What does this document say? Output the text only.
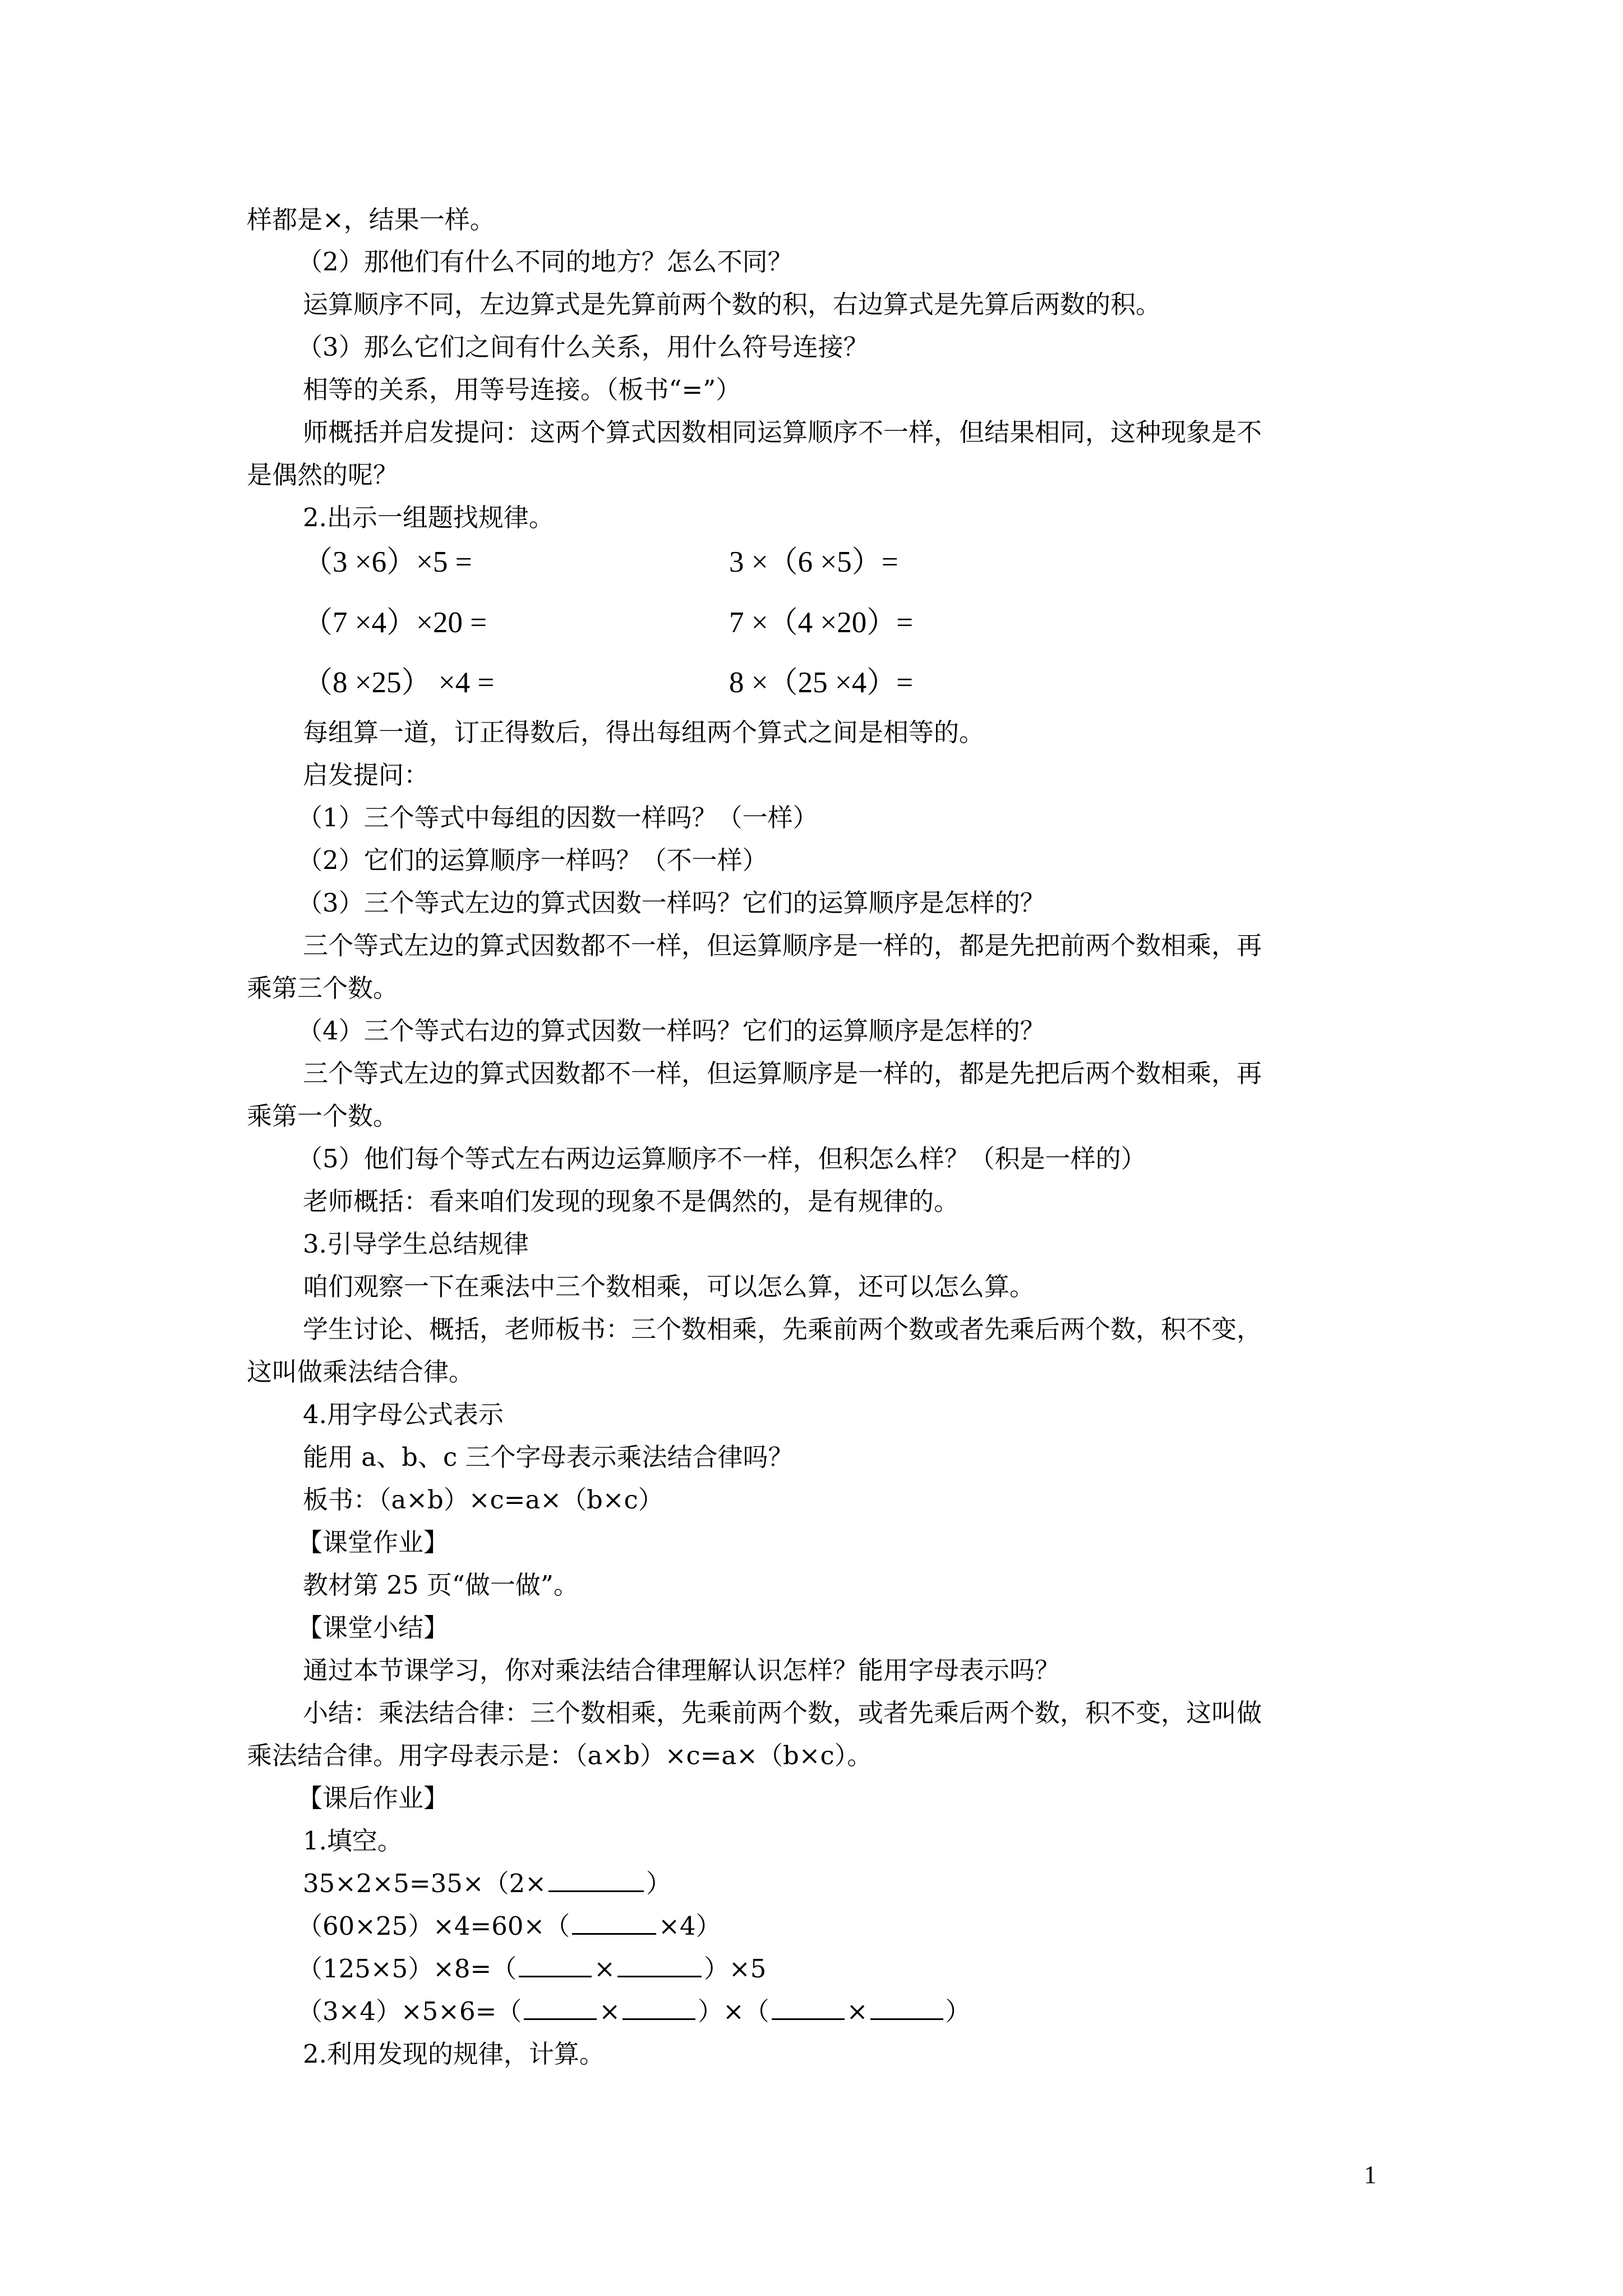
样都是×，结果一样。
（2）那他们有什么不同的地方？怎么不同？
运算顺序不同，左边算式是先算前两个数的积，右边算式是先算后两数的积。
（3）那么它们之间有什么关系，用什么符号连接？
相等的关系，用等号连接。（板书“=”）
师概括并启发提问：这两个算式因数相同运算顺序不一样，但结果相同，这种现象是不
是偶然的呢？
2.出示一组题找规律。
（3 ×6）×5 =	3 ×（6 ×5）=
（7 ×4）×20 =	7 ×（4 ×20）=
（8 ×25） ×4 =	8 ×（25 ×4）=
每组算一道，订正得数后，得出每组两个算式之间是相等的。
启发提问：
（1）三个等式中每组的因数一样吗？（一样）
（2）它们的运算顺序一样吗？（不一样）
（3）三个等式左边的算式因数一样吗？它们的运算顺序是怎样的？
三个等式左边的算式因数都不一样，但运算顺序是一样的，都是先把前两个数相乘，再
乘第三个数。
（4）三个等式右边的算式因数一样吗？它们的运算顺序是怎样的？
三个等式左边的算式因数都不一样，但运算顺序是一样的，都是先把后两个数相乘，再
乘第一个数。
（5）他们每个等式左右两边运算顺序不一样，但积怎么样？（积是一样的）
老师概括：看来咱们发现的现象不是偶然的，是有规律的。
3.引导学生总结规律
咱们观察一下在乘法中三个数相乘，可以怎么算，还可以怎么算。
学生讨论、概括，老师板书：三个数相乘，先乘前两个数或者先乘后两个数，积不变，
这叫做乘法结合律。
4.用字母公式表示
能用 a、b、c 三个字母表示乘法结合律吗？
板书：（a×b）×c=a×（b×c）
【课堂作业】
教材第 25 页“做一做”。
【课堂小结】
通过本节课学习，你对乘法结合律理解认识怎样？能用字母表示吗？
小结：乘法结合律：三个数相乘，先乘前两个数，或者先乘后两个数，积不变，这叫做
乘法结合律。用字母表示是：（a×b）×c=a×（b×c）。
【课后作业】
1.填空。
35×2×5=35×（2×	）
（60×25）×4=60×（	×4）
（125×5）×8=（	×	）×5
（3×4）×5×6=（	×	）×（	×	）
2.利用发现的规律，计算。
1
